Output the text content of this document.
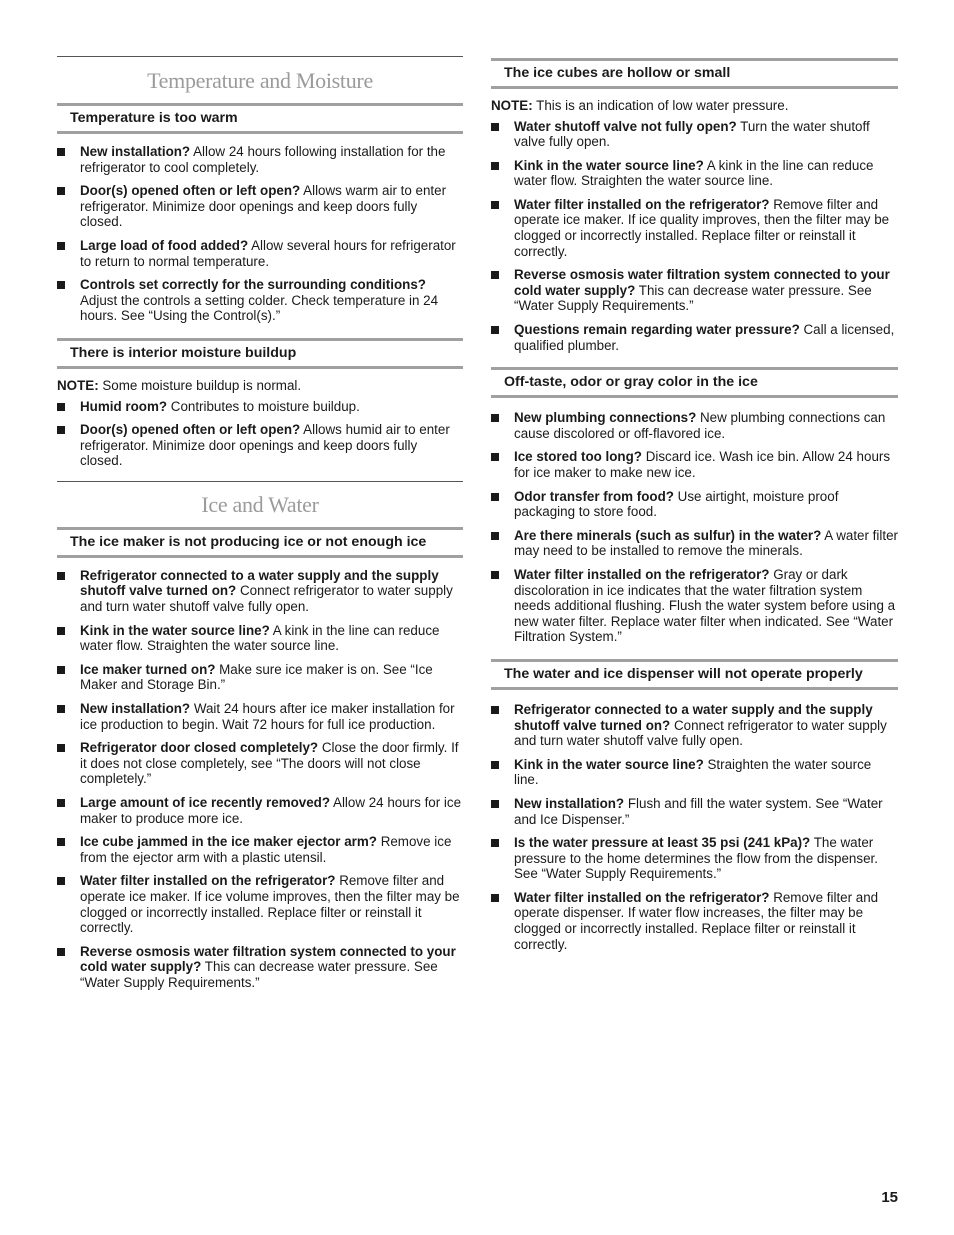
Temperature and Moisture
Temperature is too warm
New installation? Allow 24 hours following installation for the refrigerator to cool completely.
Door(s) opened often or left open? Allows warm air to enter refrigerator. Minimize door openings and keep doors fully closed.
Large load of food added? Allow several hours for refrigerator to return to normal temperature.
Controls set correctly for the surrounding conditions? Adjust the controls a setting colder. Check temperature in 24 hours. See “Using the Control(s).”
There is interior moisture buildup
NOTE: Some moisture buildup is normal.
Humid room? Contributes to moisture buildup.
Door(s) opened often or left open? Allows humid air to enter refrigerator. Minimize door openings and keep doors fully closed.
Ice and Water
The ice maker is not producing ice or not enough ice
Refrigerator connected to a water supply and the supply shutoff valve turned on? Connect refrigerator to water supply and turn water shutoff valve fully open.
Kink in the water source line? A kink in the line can reduce water flow. Straighten the water source line.
Ice maker turned on? Make sure ice maker is on. See “Ice Maker and Storage Bin.”
New installation? Wait 24 hours after ice maker installation for ice production to begin. Wait 72 hours for full ice production.
Refrigerator door closed completely? Close the door firmly. If it does not close completely, see “The doors will not close completely.”
Large amount of ice recently removed? Allow 24 hours for ice maker to produce more ice.
Ice cube jammed in the ice maker ejector arm? Remove ice from the ejector arm with a plastic utensil.
Water filter installed on the refrigerator? Remove filter and operate ice maker. If ice volume improves, then the filter may be clogged or incorrectly installed. Replace filter or reinstall it correctly.
Reverse osmosis water filtration system connected to your cold water supply? This can decrease water pressure. See “Water Supply Requirements.”
The ice cubes are hollow or small
NOTE: This is an indication of low water pressure.
Water shutoff valve not fully open? Turn the water shutoff valve fully open.
Kink in the water source line? A kink in the line can reduce water flow. Straighten the water source line.
Water filter installed on the refrigerator? Remove filter and operate ice maker. If ice quality improves, then the filter may be clogged or incorrectly installed. Replace filter or reinstall it correctly.
Reverse osmosis water filtration system connected to your cold water supply? This can decrease water pressure. See “Water Supply Requirements.”
Questions remain regarding water pressure? Call a licensed, qualified plumber.
Off-taste, odor or gray color in the ice
New plumbing connections? New plumbing connections can cause discolored or off-flavored ice.
Ice stored too long? Discard ice. Wash ice bin. Allow 24 hours for ice maker to make new ice.
Odor transfer from food? Use airtight, moisture proof packaging to store food.
Are there minerals (such as sulfur) in the water? A water filter may need to be installed to remove the minerals.
Water filter installed on the refrigerator? Gray or dark discoloration in ice indicates that the water filtration system needs additional flushing. Flush the water system before using a new water filter. Replace water filter when indicated. See “Water Filtration System.”
The water and ice dispenser will not operate properly
Refrigerator connected to a water supply and the supply shutoff valve turned on? Connect refrigerator to water supply and turn water shutoff valve fully open.
Kink in the water source line? Straighten the water source line.
New installation? Flush and fill the water system. See “Water and Ice Dispenser.”
Is the water pressure at least 35 psi (241 kPa)? The water pressure to the home determines the flow from the dispenser. See “Water Supply Requirements.”
Water filter installed on the refrigerator? Remove filter and operate dispenser. If water flow increases, the filter may be clogged or incorrectly installed. Replace filter or reinstall it correctly.
15
